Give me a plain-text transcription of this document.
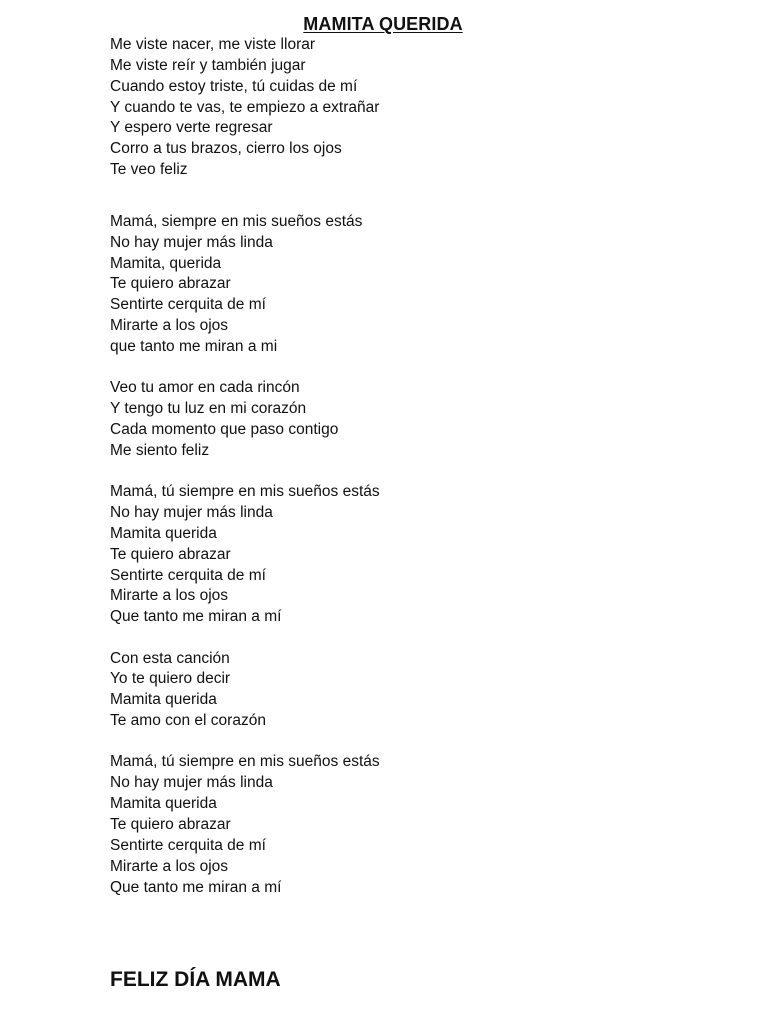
MAMITA QUERIDA
Me viste nacer, me viste llorar
Me viste reír y también jugar
Cuando estoy triste, tú cuidas de mí
Y cuando te vas, te empiezo a extrañar
Y espero verte regresar
Corro a tus brazos, cierro los ojos
Te veo feliz
Mamá, siempre en mis sueños estás
No hay mujer más linda
Mamita, querida
Te quiero abrazar
Sentirte cerquita de mí
Mirarte a los ojos
que tanto me miran a mi
Veo tu amor en cada rincón
Y tengo tu luz en mi corazón
Cada momento que paso contigo
Me siento feliz
Mamá, tú siempre en mis sueños estás
No hay mujer más linda
Mamita querida
Te quiero abrazar
Sentirte cerquita de mí
Mirarte a los ojos
Que tanto me miran a mí
Con esta canción
Yo te quiero decir
Mamita querida
Te amo con el corazón
Mamá, tú siempre en mis sueños estás
No hay mujer más linda
Mamita querida
Te quiero abrazar
Sentirte cerquita de mí
Mirarte a los ojos
Que tanto me miran a mí
FELIZ DÍA MAMA
